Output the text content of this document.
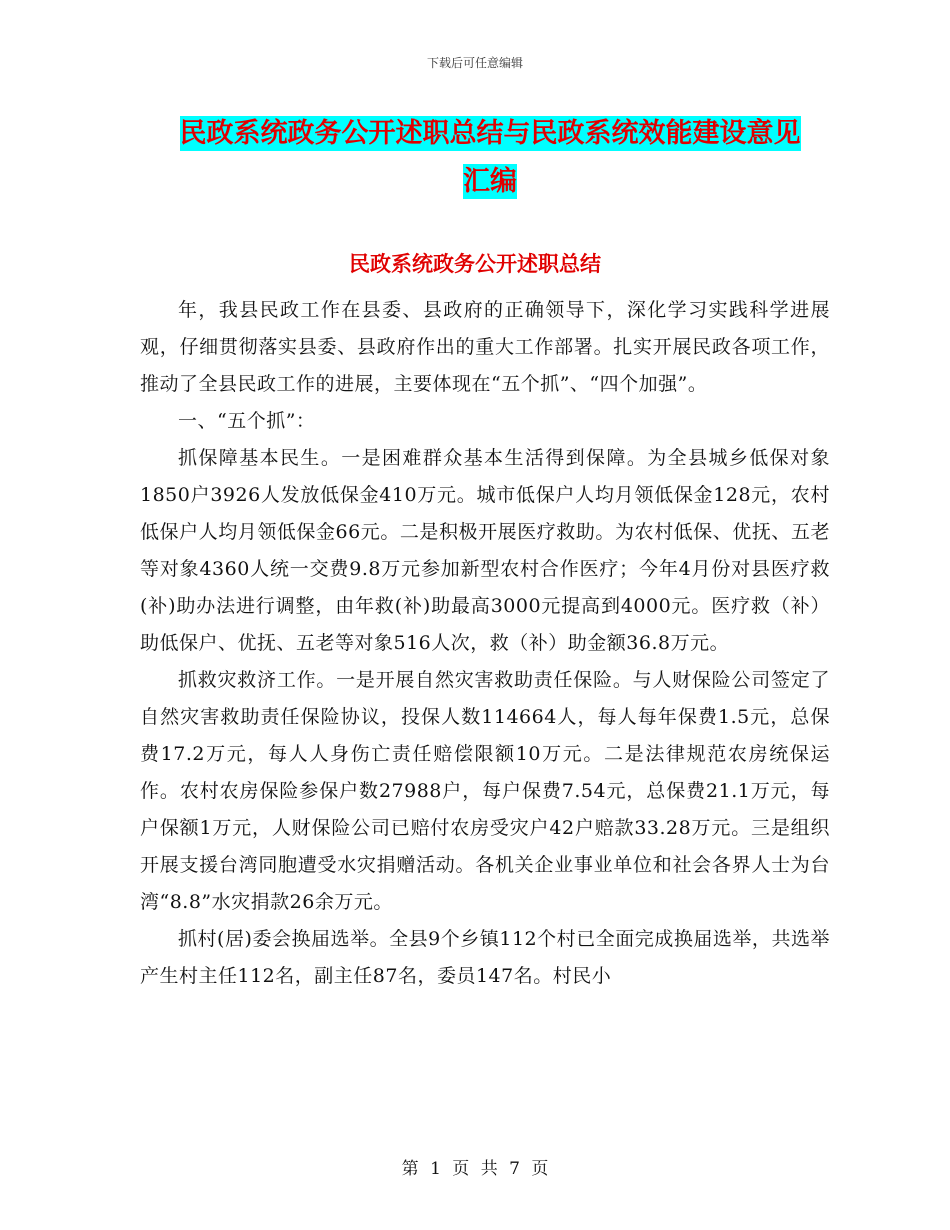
下载后可任意编辑
民政系统政务公开述职总结与民政系统效能建设意见
汇编
民政系统政务公开述职总结

年，我县民政工作在县委、县政府的正确领导下，深化学习实践科学进展观，仔细贯彻落实县委、县政府作出的重大工作部署。扎实开展民政各项工作，推动了全县民政工作的进展，主要体现在“五个抓”、“四个加强”。

一、“五个抓”：

抓保障基本民生。一是困难群众基本生活得到保障。为全县城乡低保对象1850户3926人发放低保金410万元。城市低保户人均月领低保金128元，农村低保户人均月领低保金66元。二是积极开展医疗救助。为农村低保、优抚、五老等对象4360人统一交费9.8万元参加新型农村合作医疗；今年4月份对县医疗救(补)助办法进行调整，由年救(补)助最高3000元提高到4000元。医疗救（补）助低保户、优抚、五老等对象516人次，救（补）助金额36.8万元。

抓救灾救济工作。一是开展自然灾害救助责任保险。与人财保险公司签定了自然灾害救助责任保险协议，投保人数114664人，每人每年保费1.5元，总保费17.2万元，每人人身伤亡责任赔偿限额10万元。二是法律规范农房统保运作。农村农房保险参保户数27988户，每户保费7.54元，总保费21.1万元，每户保额1万元，人财保险公司已赔付农房受灾户42户赔款33.28万元。三是组织开展支援台湾同胞遭受水灾捐赠活动。各机关企业事业单位和社会各界人士为台湾“8.8”水灾捐款26余万元。

抓村(居)委会换届选举。全县9个乡镇112个村已全面完成换届选举，共选举产生村主任112名，副主任87名，委员147名。村民小

第 1 页 共 7 页
